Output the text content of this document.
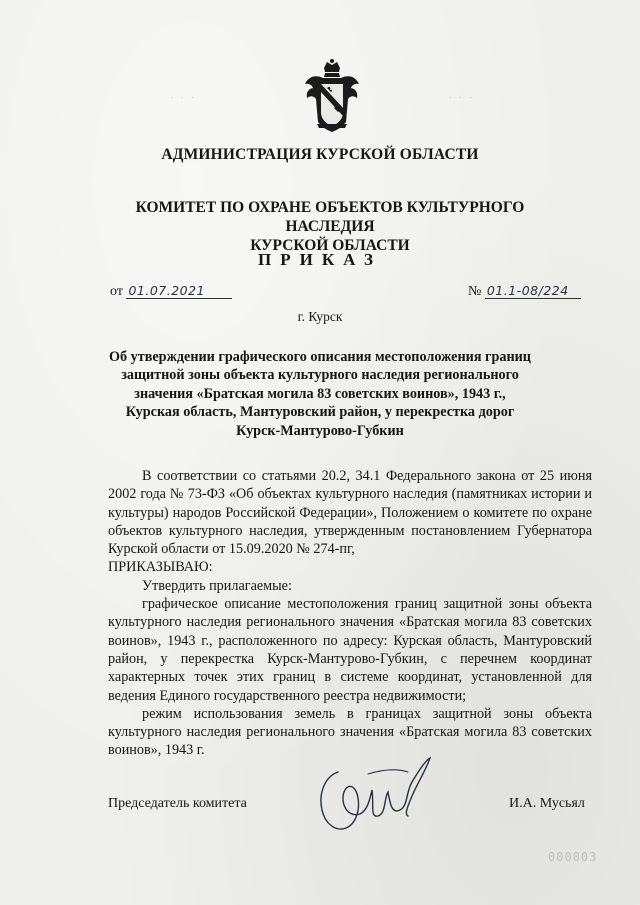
· · ·	· · ·
АДМИНИСТРАЦИЯ КУРСКОЙ ОБЛАСТИ
КОМИТЕТ ПО ОХРАНЕ ОБЪЕКТОВ КУЛЬТУРНОГО НАСЛЕДИЯ
КУРСКОЙ ОБЛАСТИ
ПРИКАЗ
от 01.07.2021	№ 01.1-08/224
г. Курск
Об утверждении графического описания местоположения границ
защитной зоны объекта культурного наследия регионального
значения «Братская могила 83 советских воинов», 1943 г.,
Курская область, Мантуровский район, у перекрестка дорог
Курск-Мантурово-Губкин

В соответствии со статьями 20.2, 34.1 Федерального закона от 25 июня 2002 года № 73-ФЗ «Об объектах культурного наследия (памятниках истории и культуры) народов Российской Федерации», Положением о комитете по охране объектов культурного наследия, утвержденным постановлением Губернатора Курской области от 15.09.2020 № 274-пг,

ПРИКАЗЫВАЮ:

Утвердить прилагаемые:

графическое описание местоположения границ защитной зоны объекта культурного наследия регионального значения «Братская могила 83 советских воинов», 1943 г., расположенного по адресу: Курская область, Мантуровский район, у перекрестка Курск-Мантурово-Губкин, с перечнем координат характерных точек этих границ в системе координат, установленной для ведения Единого государственного реестра недвижимости;

режим использования земель в границах защитной зоны объекта культурного наследия регионального значения «Братская могила 83 советских воинов», 1943 г.

Председатель комитета	И.А. Мусьял
000003
